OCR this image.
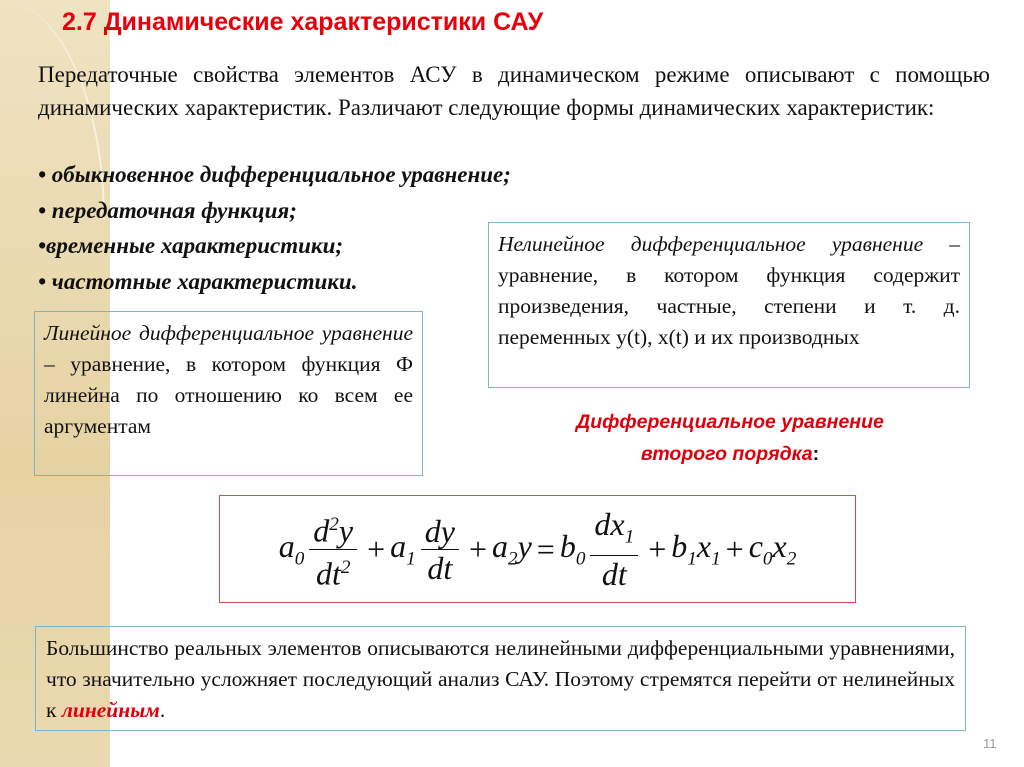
2.7 Динамические характеристики САУ
Передаточные свойства элементов АСУ в динамическом режиме описывают с помощью динамических характеристик. Различают следующие формы динамических характеристик:
• обыкновенное дифференциальное уравнение;
• передаточная функция;
•временные характеристики;
• частотные характеристики.
Нелинейное дифференциальное уравнение – уравнение, в котором функция содержит произведения, частные, степени и т. д. переменных y(t), x(t) и их производных
Линейное дифференциальное уравнение – уравнение, в котором функция Ф линейна по отношению ко всем ее аргументам	Дифференциальное уравнение
второго порядка:
$a_0 \frac{d^2y}{dt^2} + a_1 \frac{dy}{dt} + a_2y = b_0 \frac{dx_1}{dt} + b_1x_1 + c_0x_2$
Большинство реальных элементов описываются нелинейными дифференциальными уравнениями, что значительно усложняет последующий анализ САУ. Поэтому стремятся перейти от нелинейных к линейным.
11
